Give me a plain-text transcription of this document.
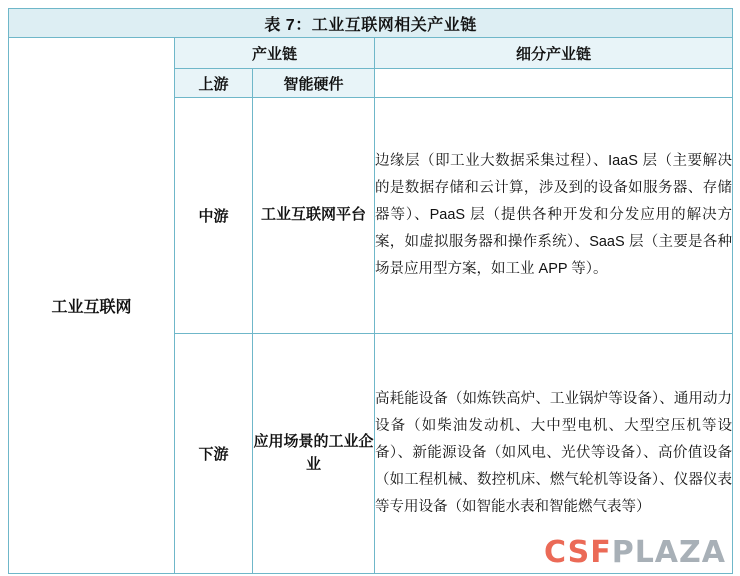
表 7：工业互联网相关产业链			

工业互联网	产业链		细分产业链
	上游	智能硬件	
	中游	工业互联网平台	边缘层（即工业大数据采集过程）、IaaS 层（主要解决的是数据存储和云计算，涉及到的设备如服务器、存储器等）、PaaS 层（提供各种开发和分发应用的解决方案，如虚拟服务器和操作系统）、SaaS 层（主要是各种场景应用型方案，如工业 APP 等）。
	下游	应用场景的工业企业	高耗能设备（如炼铁高炉、工业锅炉等设备）、通用动力设备（如柴油发动机、大中型电机、大型空压机等设备）、新能源设备（如风电、光伏等设备）、高价值设备（如工程机械、数控机床、燃气轮机等设备）、仪器仪表等专用设备（如智能水表和智能燃气表等）
CSFPLAZA
